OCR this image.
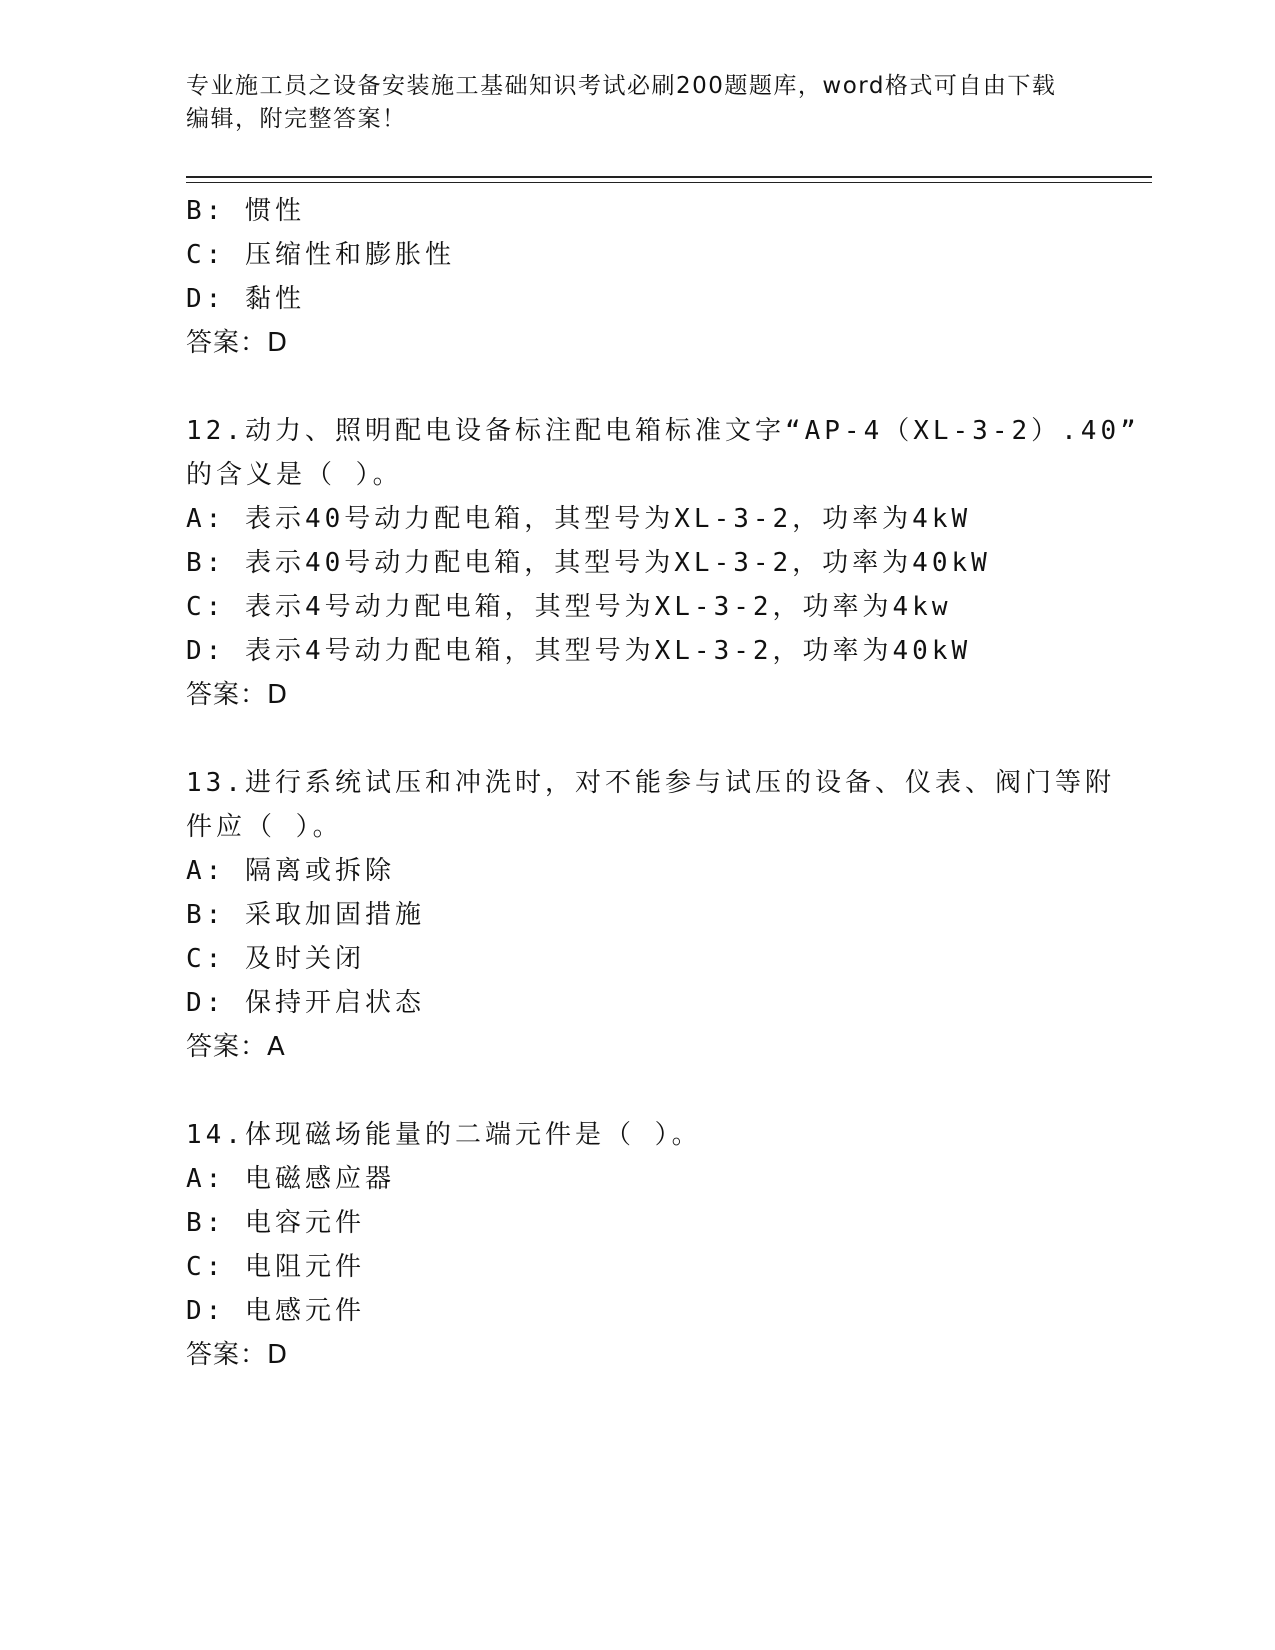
专业施工员之设备安装施工基础知识考试必刷200题题库，word格式可自由下载
编辑，附完整答案！
B: 惯性
C: 压缩性和膨胀性
D: 黏性
答案：D
12.动力、照明配电设备标注配电箱标准文字“AP-4（XL-3-2）.40”
的含义是（ ）。
A: 表示40号动力配电箱，其型号为XL-3-2，功率为4kW
B: 表示40号动力配电箱，其型号为XL-3-2，功率为40kW
C: 表示4号动力配电箱，其型号为XL-3-2，功率为4kw
D: 表示4号动力配电箱，其型号为XL-3-2，功率为40kW
答案：D
13.进行系统试压和冲洗时，对不能参与试压的设备、仪表、阀门等附
件应（ ）。
A: 隔离或拆除
B: 采取加固措施
C: 及时关闭
D: 保持开启状态
答案：A
14.体现磁场能量的二端元件是（ ）。
A: 电磁感应器
B: 电容元件
C: 电阻元件
D: 电感元件
答案：D
